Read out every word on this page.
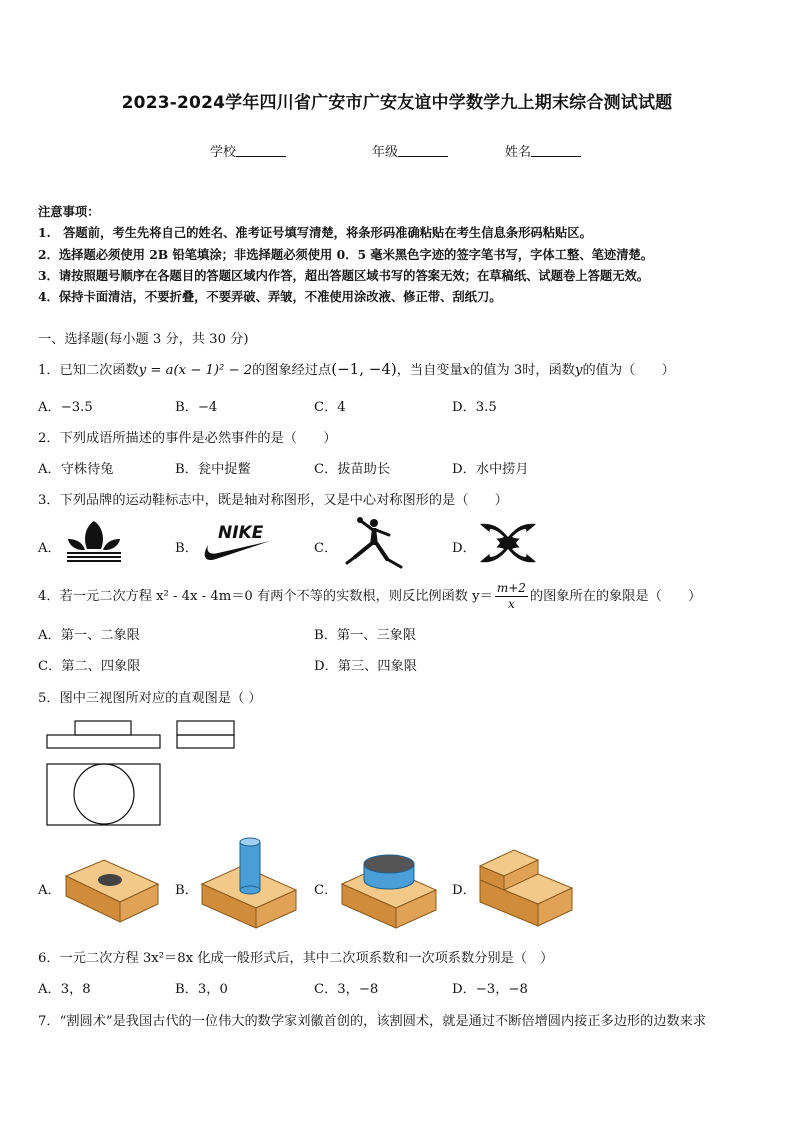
2023-2024学年四川省广安市广安友谊中学数学九上期末综合测试试题
学校	年级	姓名
注意事项：
1.　答题前，考生先将自己的姓名、准考证号填写清楚，将条形码准确粘贴在考生信息条形码粘贴区。
2．选择题必须使用 2B 铅笔填涂；非选择题必须使用 0．5 毫米黑色字迹的签字笔书写，字体工整、笔迹清楚。
3．请按照题号顺序在各题目的答题区域内作答，超出答题区域书写的答案无效；在草稿纸、试题卷上答题无效。
4．保持卡面清洁，不要折叠，不要弄破、弄皱，不准使用涂改液、修正带、刮纸刀。
一、选择题(每小题 3 分，共 30 分)
1．已知二次函数y = a(x − 1)² − 2的图象经过点(−1, −4)，当自变量x的值为 3时，函数y的值为（　　）
A．−3.5	B．−4	C．4	D．3.5
2．下列成语所描述的事件是必然事件的是（　　）
A．守株待兔	B．瓮中捉鳖	C．拔苗助长	D．水中捞月
3．下列品牌的运动鞋标志中，既是轴对称图形，又是中心对称图形的是（　　）
A．	B．	C．	D．
NIKE
4．若一元二次方程 x² - 4x - 4m＝0 有两个不等的实数根，则反比例函数 $y= \frac{m+2}{x}$ 的图象所在的象限是（　　）
A．第一、二象限	B．第一、三象限
C．第二、四象限	D．第三、四象限
5．图中三视图所对应的直观图是（ ）
A．	B．	C．	D．
6．一元二次方程 3x²＝8x 化成一般形式后，其中二次项系数和一次项系数分别是（　）
A．3，8	B．3，0	C．3，−8	D．−3，−8
7．“割圆术”是我国古代的一位伟大的数学家刘徽首创的，该割圆术，就是通过不断倍增圆内接正多边形的边数来求
